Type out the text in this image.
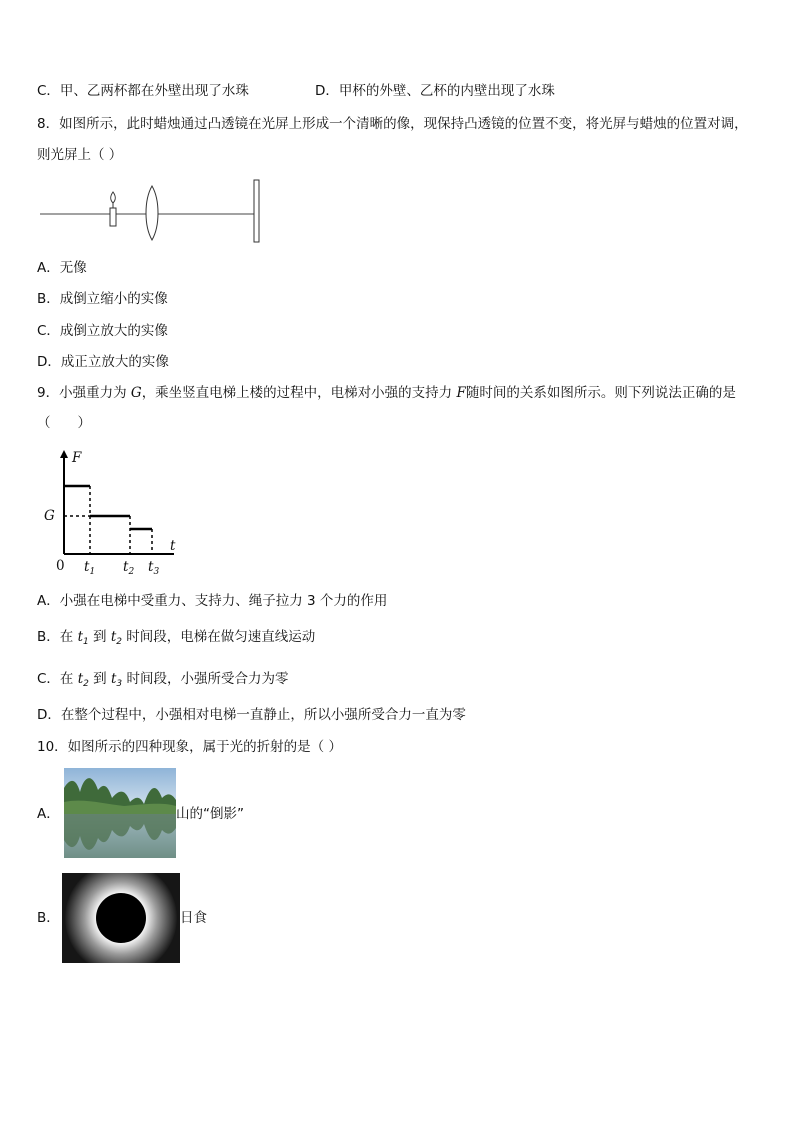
C．甲、乙两杯都在外壁出现了水珠	D．甲杯的外壁、乙杯的内壁出现了水珠
8．如图所示，此时蜡烛通过凸透镜在光屏上形成一个清晰的像，现保持凸透镜的位置不变，将光屏与蜡烛的位置对调，
则光屏上（ ）
A．无像
B．成倒立缩小的实像
C．成倒立放大的实像
D．成正立放大的实像
9．小强重力为 G，乘坐竖直电梯上楼的过程中，电梯对小强的支持力 F随时间的关系如图所示。则下列说法正确的是
（　　）
F
G
0
t
$t_1$ $t_2$ $t_3$
A．小强在电梯中受重力、支持力、绳子拉力 3 个力的作用
B．在 $t_1$ 到 $t_2$ 时间段，电梯在做匀速直线运动
C．在 $t_2$ 到 $t_3$ 时间段，小强所受合力为零
D．在整个过程中，小强相对电梯一直静止，所以小强所受合力一直为零
10．如图所示的四种现象，属于光的折射的是（ ）
A．	山的“倒影”
B．	日食
